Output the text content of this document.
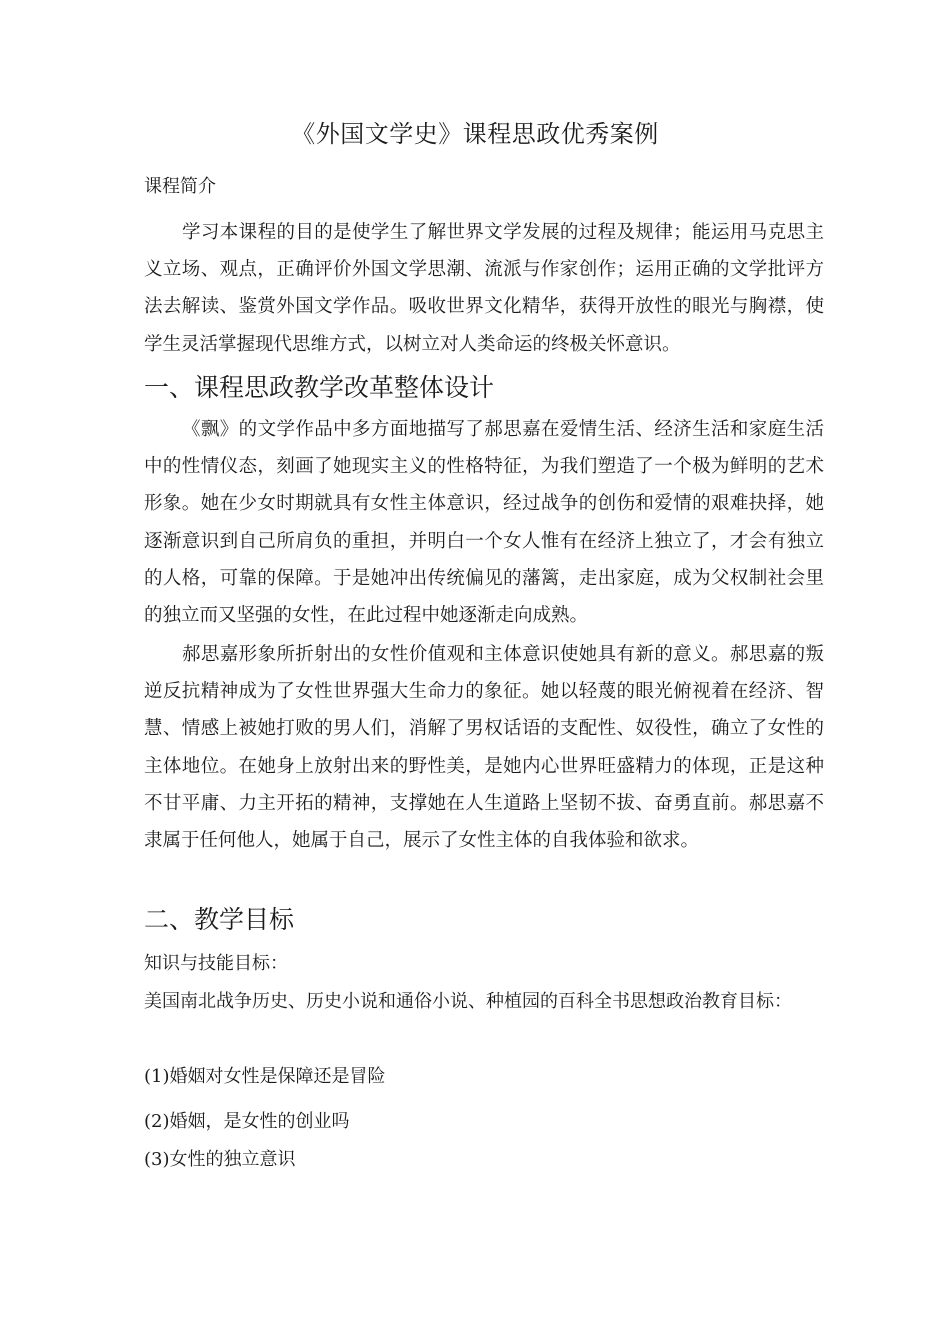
《外国文学史》课程思政优秀案例
课程简介

学习本课程的目的是使学生了解世界文学发展的过程及规律；能运用马克思主义立场、观点，正确评价外国文学思潮、流派与作家创作；运用正确的文学批评方法去解读、鉴赏外国文学作品。吸收世界文化精华，获得开放性的眼光与胸襟，使学生灵活掌握现代思维方式，以树立对人类命运的终极关怀意识。

一、课程思政教学改革整体设计

《飘》的文学作品中多方面地描写了郝思嘉在爱情生活、经济生活和家庭生活中的性情仪态，刻画了她现实主义的性格特征，为我们塑造了一个极为鲜明的艺术形象。她在少女时期就具有女性主体意识，经过战争的创伤和爱情的艰难抉择，她逐渐意识到自己所肩负的重担，并明白一个女人惟有在经济上独立了，才会有独立的人格，可靠的保障。于是她冲出传统偏见的藩篱，走出家庭，成为父权制社会里的独立而又坚强的女性，在此过程中她逐渐走向成熟。

郝思嘉形象所折射出的女性价值观和主体意识使她具有新的意义。郝思嘉的叛逆反抗精神成为了女性世界强大生命力的象征。她以轻蔑的眼光俯视着在经济、智慧、情感上被她打败的男人们，消解了男权话语的支配性、奴役性，确立了女性的主体地位。在她身上放射出来的野性美，是她内心世界旺盛精力的体现，正是这种不甘平庸、力主开拓的精神，支撑她在人生道路上坚韧不拔、奋勇直前。郝思嘉不隶属于任何他人，她属于自己，展示了女性主体的自我体验和欲求。

二、教学目标
知识与技能目标：

美国南北战争历史、历史小说和通俗小说、种植园的百科全书思想政治教育目标：

(1)婚姻对女性是保障还是冒险
(2)婚姻，是女性的创业吗
(3)女性的独立意识
